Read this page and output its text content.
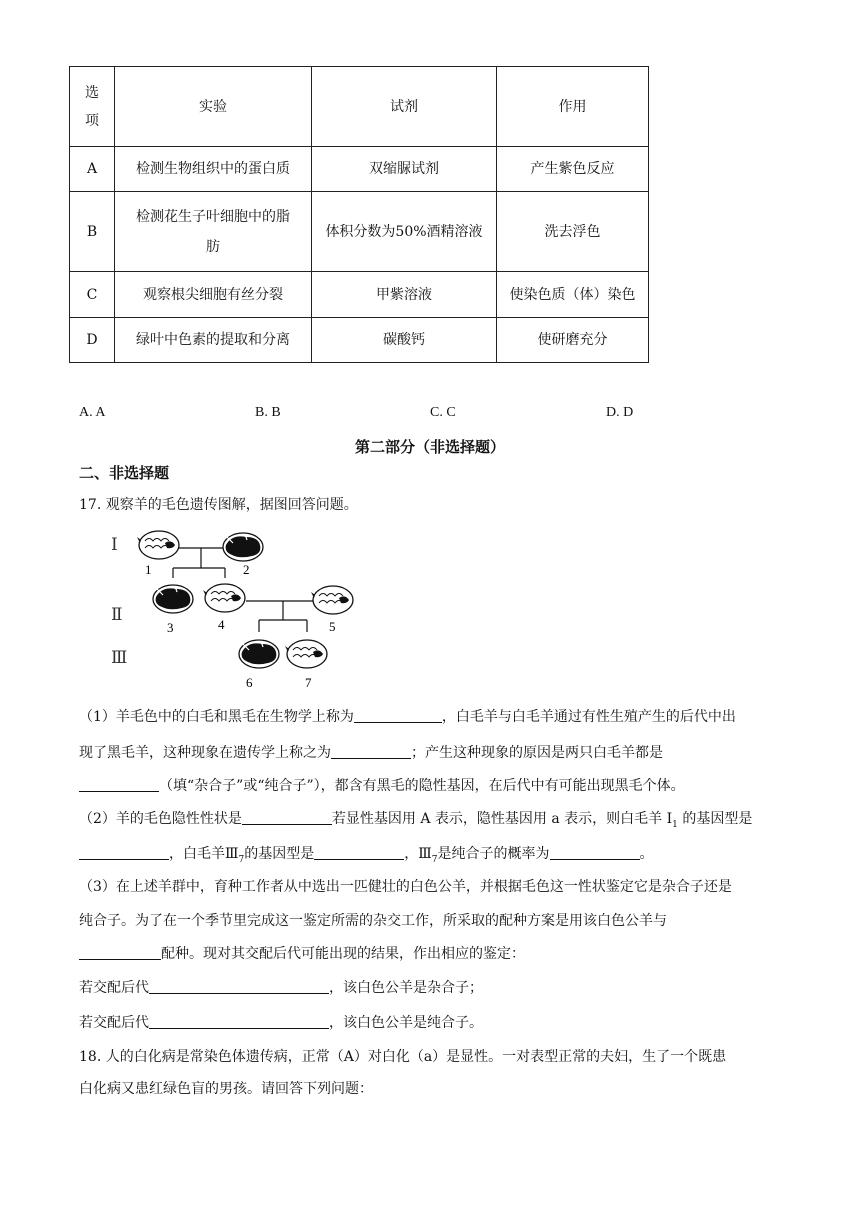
选
项	实验	试剂	作用
A	检测生物组织中的蛋白质	双缩脲试剂	产生紫色反应
B	检测花生子叶细胞中的脂肪	体积分数为50%酒精溶液	洗去浮色
C	观察根尖细胞有丝分裂	甲紫溶液	使染色质（体）染色
D	绿叶中色素的提取和分离	碳酸钙	使研磨充分
A. A	B. B	C. C	D. D
第二部分（非选择题）
二、非选择题
17. 观察羊的毛色遗传图解，据图回答问题。
Ⅰ
Ⅱ
Ⅲ
1	2
3	4	5
6	7
（1）羊毛色中的白毛和黑毛在生物学上称为	，白毛羊与白毛羊通过有性生殖产生的后代中出
现了黑毛羊，这种现象在遗传学上称之为	；产生这种现象的原因是两只白毛羊都是
（填“杂合子”或“纯合子”），都含有黑毛的隐性基因，在后代中有可能出现黑毛个体。
（2）羊的毛色隐性性状是	若显性基因用 A 表示，隐性基因用 a 表示，则白毛羊 $I_1$ 的基因型是
，白毛羊$Ⅲ_7$的基因型是	，$Ⅲ_7$是纯合子的概率为	。
（3）在上述羊群中，育种工作者从中选出一匹健壮的白色公羊，并根据毛色这一性状鉴定它是杂合子还是
纯合子。为了在一个季节里完成这一鉴定所需的杂交工作，所采取的配种方案是用该白色公羊与
配种。现对其交配后代可能出现的结果，作出相应的鉴定：
若交配后代	，该白色公羊是杂合子；
若交配后代	，该白色公羊是纯合子。
18. 人的白化病是常染色体遗传病，正常（A）对白化（a）是显性。一对表型正常的夫妇，生了一个既患
白化病又患红绿色盲的男孩。请回答下列问题：
